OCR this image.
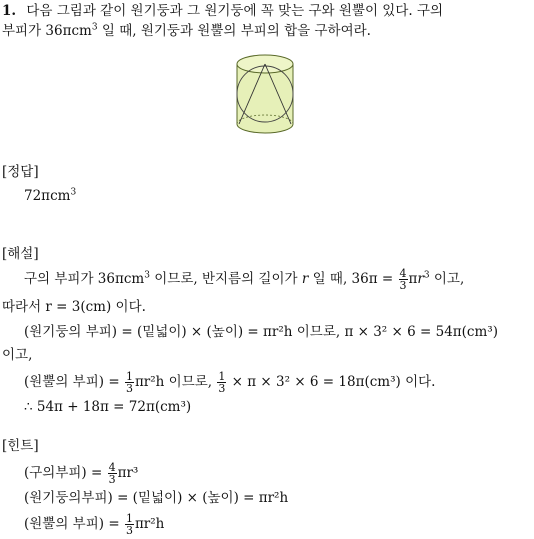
1. 다음 그림과 같이 원기둥과 그 원기둥에 꼭 맞는 구와 원뿔이 있다. 구의
부피가 36πcm$^3$ 일 때, 원기둥과 원뿔의 부피의 합을 구하여라.
[정답]
72πcm$^3$
[해설]
구의 부피가 36πcm$^3$ 이므로, 반지름의 길이가 r 일 때, $36\pi = \frac{4}{3} \pi r^3$ 이고,
따라서 r = 3(cm) 이다.
(원기둥의 부피) = (밑넓이) × (높이) = πr²h 이므로, π × 3² × 6 = 54π(cm³)
이고,
(원뿔의 부피) = $\frac{1}{3} \pi r^2h$ 이므로, $\frac{1}{3} \times \pi \times 3^2 \times 6 = 18\pi(cm^3)$ 이다.
∴ 54π + 18π = 72π(cm³)
[힌트]
(구의부피) = $\frac{4}{3} \pi r^3$
(원기둥의부피) = (밑넓이) × (높이) = πr²h
(원뿔의 부피) = $\frac{1}{3} \pi r^2h$
